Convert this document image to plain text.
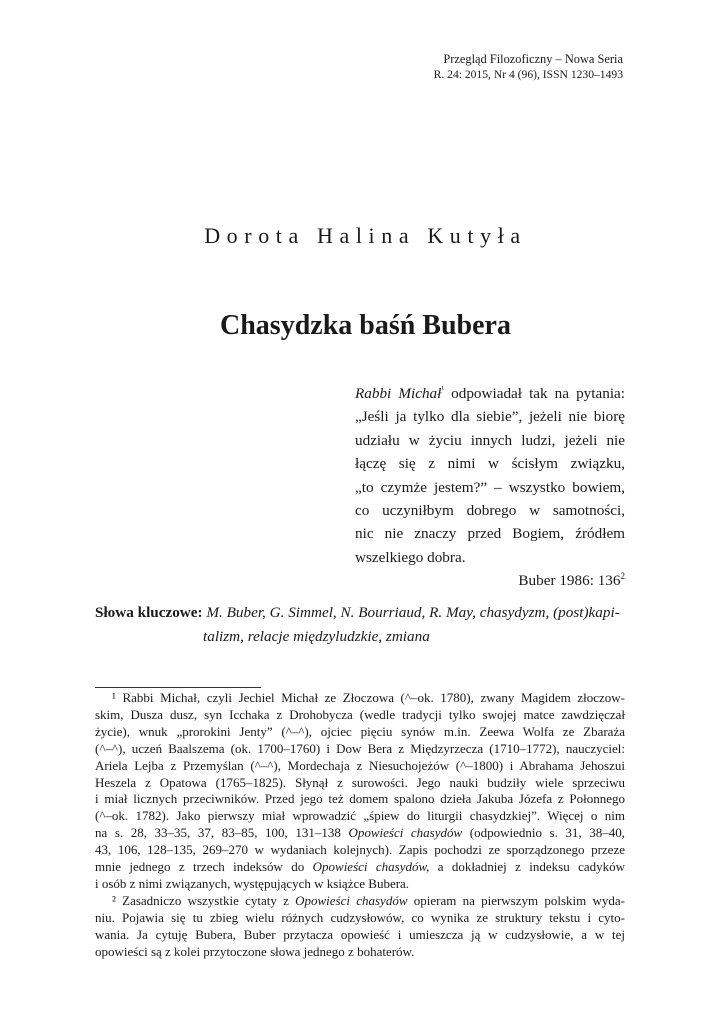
Przegląd Filozoficzny – Nowa Seria
R. 24: 2015, Nr 4 (96), ISSN 1230–1493
Dorota Halina Kutyła
Chasydzka baśń Bubera
Rabbi Michał$^{^1}$ odpowiadał tak na pytania:
„Jeśli ja tylko dla siebie”, jeżeli nie biorę
udziału w życiu innych ludzi, jeżeli nie
łączę się z nimi w ścisłym związku,
„to czymże jestem?” – wszystko bowiem,
co uczyniłbym dobrego w samotności,
nic nie znaczy przed Bogiem, źródłem
wszelkiego dobra.
Buber 1986: $136^2$
Słowa kluczowe: M. Buber, G. Simmel, N. Bourriaud, R. May, chasydyzm, (post)kapi-
talizm, relacje międzyludzkie, zmiana
¹ Rabbi Michał, czyli Jechiel Michał ze Złoczowa (^–ok. 1780), zwany Magidem złoczow-
skim, Dusza dusz, syn Icchaka z Drohobycza (wedle tradycji tylko swojej matce zawdzięczał
życie), wnuk „prorokini Jenty” (^–^), ojciec pięciu synów m.in. Zeewa Wolfa ze Zbaraża
(^–^), uczeń Baalszema (ok. 1700–1760) i Dow Bera z Międzyrzecza (1710–1772), nauczyciel:
Ariela Lejba z Przemyślan (^–^), Mordechaja z Niesuchojeżów (^–1800) i Abrahama Jehoszui
Heszela z Opatowa (1765–1825). Słynął z surowości. Jego nauki budziły wiele sprzeciwu
i miał licznych przeciwników. Przed jego też domem spalono dzieła Jakuba Józefa z Połonnego
(^–ok. 1782). Jako pierwszy miał wprowadzić „śpiew do liturgii chasydzkiej”. Więcej o nim
na s. 28, 33–35, 37, 83–85, 100, 131–138 Opowieści chasydów (odpowiednio s. 31, 38–40,
43, 106, 128–135, 269–270 w wydaniach kolejnych). Zapis pochodzi ze sporządzonego przeze
mnie jednego z trzech indeksów do Opowieści chasydów, a dokładniej z indeksu cadyków
i osób z nimi związanych, występujących w książce Bubera.
² Zasadniczo wszystkie cytaty z Opowieści chasydów opieram na pierwszym polskim wyda-
niu. Pojawia się tu zbieg wielu różnych cudzysłowów, co wynika ze struktury tekstu i cyto-
wania. Ja cytuję Bubera, Buber przytacza opowieść i umieszcza ją w cudzysłowie, a w tej
opowieści są z kolei przytoczone słowa jednego z bohaterów.
